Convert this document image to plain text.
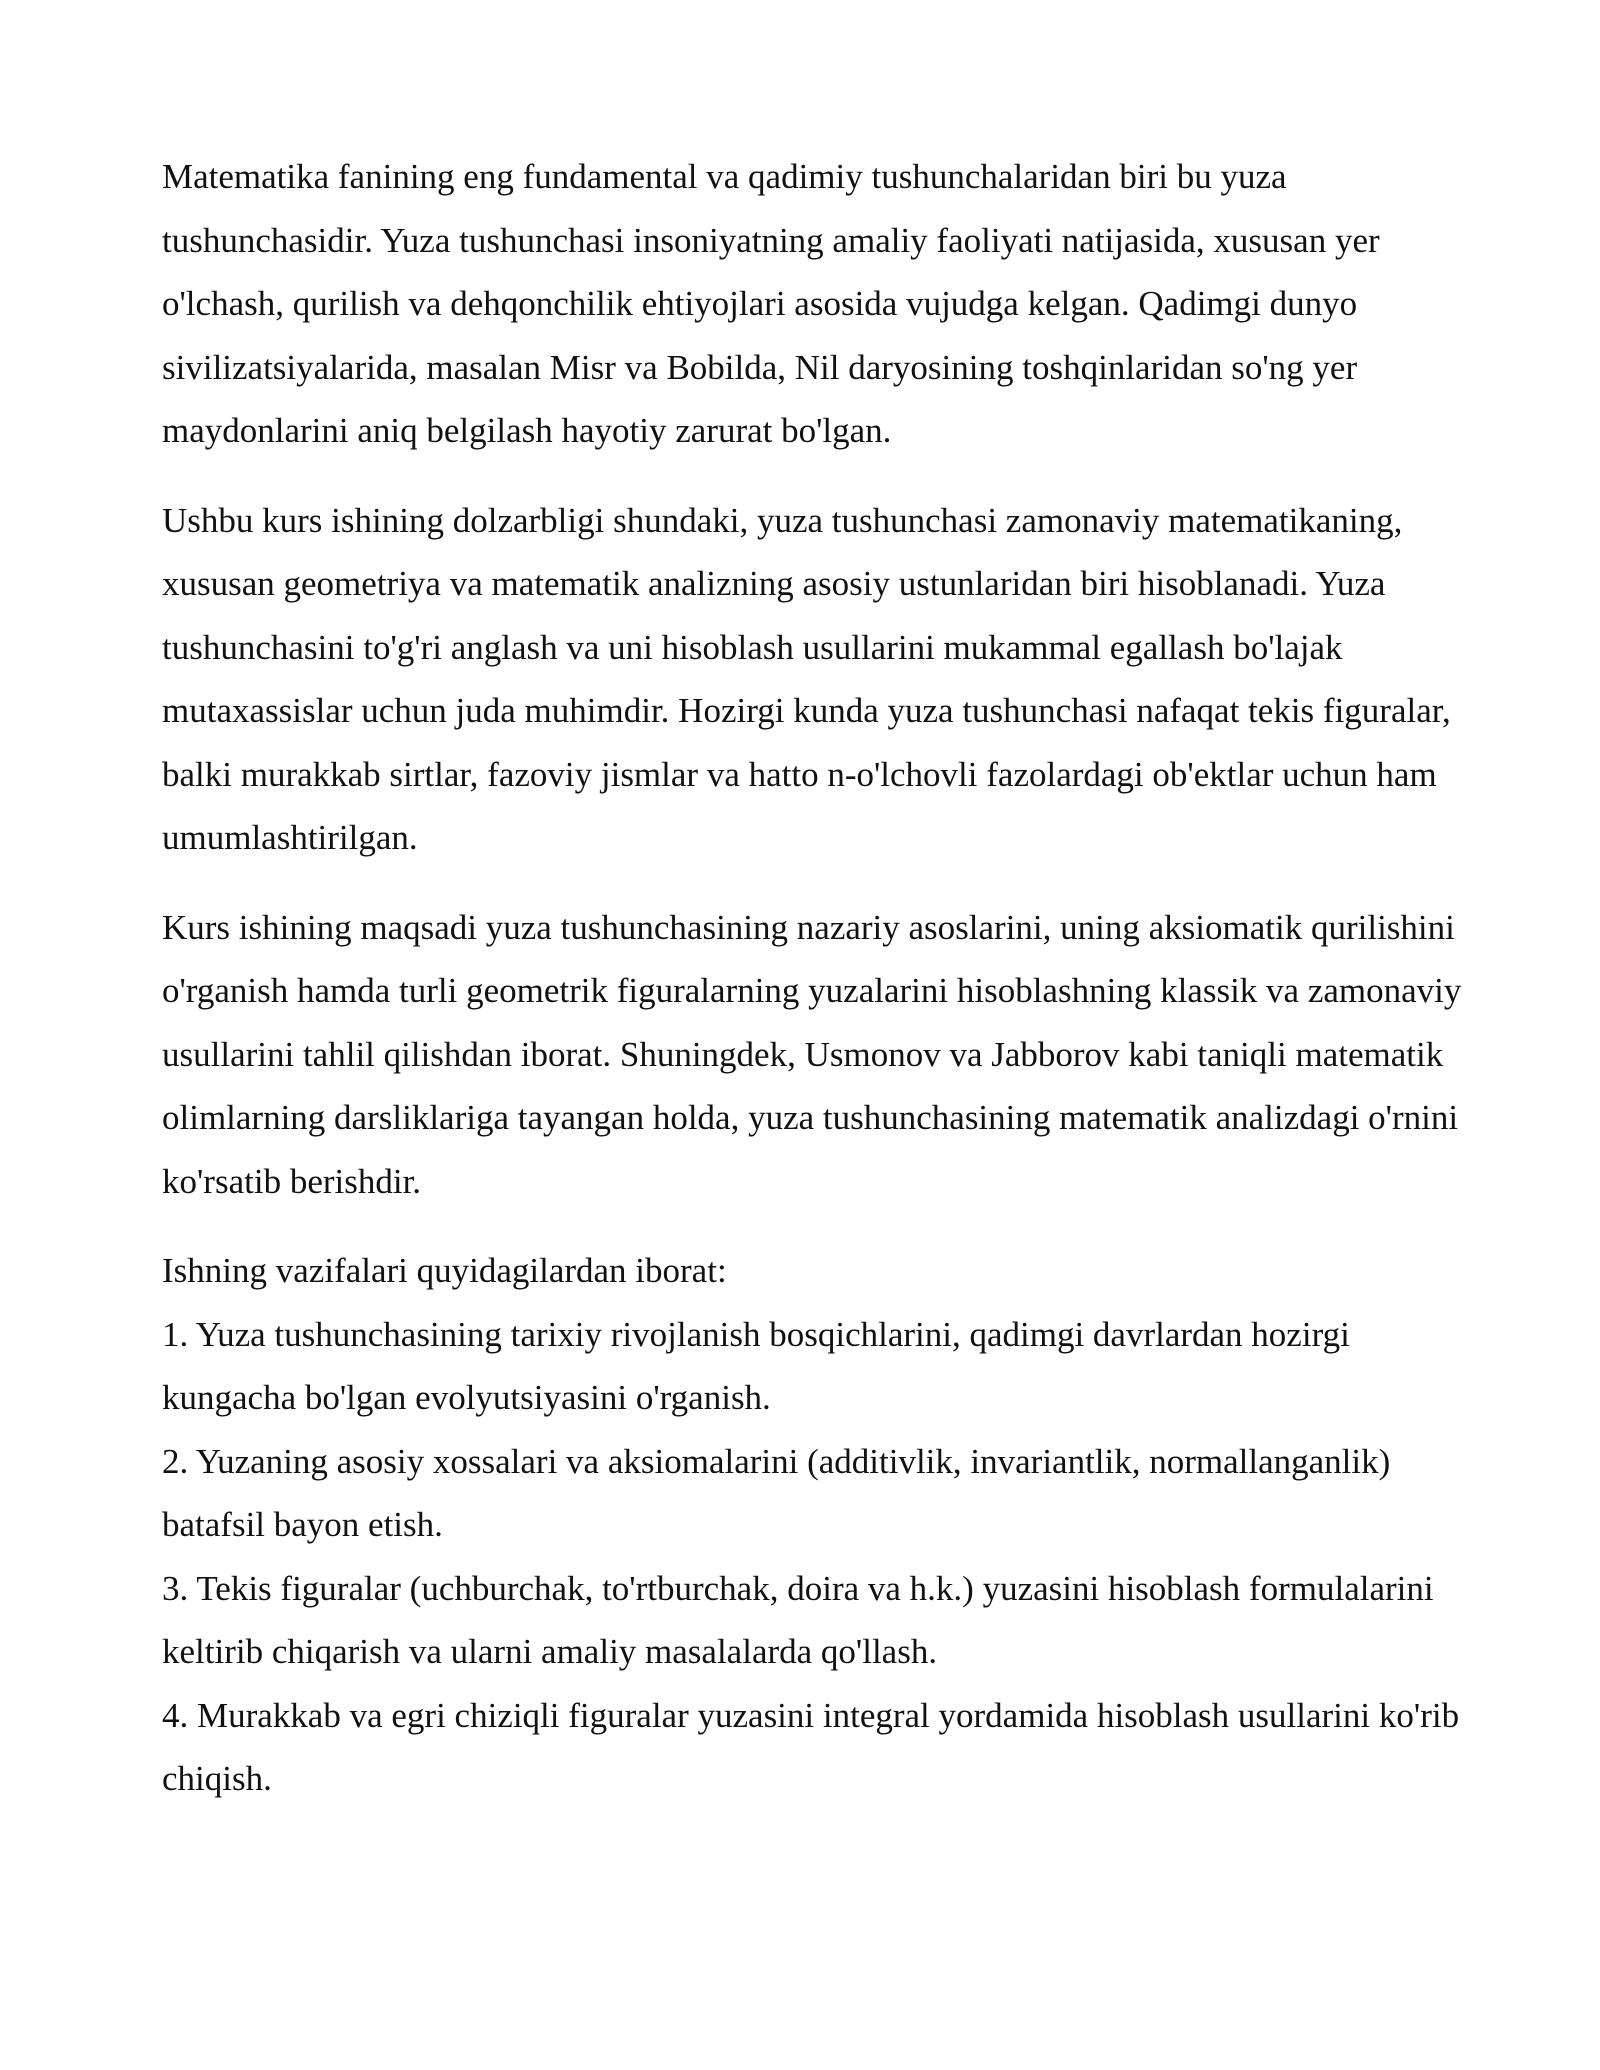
Matematika fanining eng fundamental va qadimiy tushunchalaridan biri bu yuza tushunchasidir. Yuza tushunchasi insoniyatning amaliy faoliyati natijasida, xususan yer o'lchash, qurilish va dehqonchilik ehtiyojlari asosida vujudga kelgan. Qadimgi dunyo sivilizatsiyalarida, masalan Misr va Bobilda, Nil daryosining toshqinlaridan so'ng yer maydonlarini aniq belgilash hayotiy zarurat bo'lgan.

Ushbu kurs ishining dolzarbligi shundaki, yuza tushunchasi zamonaviy matematikaning, xususan geometriya va matematik analizning asosiy ustunlaridan biri hisoblanadi. Yuza tushunchasini to'g'ri anglash va uni hisoblash usullarini mukammal egallash bo'lajak mutaxassislar uchun juda muhimdir. Hozirgi kunda yuza tushunchasi nafaqat tekis figuralar, balki murakkab sirtlar, fazoviy jismlar va hatto n-o'lchovli fazolardagi ob'ektlar uchun ham umumlashtirilgan.

Kurs ishining maqsadi yuza tushunchasining nazariy asoslarini, uning aksiomatik qurilishini o'rganish hamda turli geometrik figuralarning yuzalarini hisoblashning klassik va zamonaviy usullarini tahlil qilishdan iborat. Shuningdek, Usmonov va Jabborov kabi taniqli matematik olimlarning darsliklariga tayangan holda, yuza tushunchasining matematik analizdagi o'rnini ko'rsatib berishdir.

Ishning vazifalari quyidagilardan iborat:

1. Yuza tushunchasining tarixiy rivojlanish bosqichlarini, qadimgi davrlardan hozirgi kungacha bo'lgan evolyutsiyasini o'rganish.
2. Yuzaning asosiy xossalari va aksiomalarini (additivlik, invariantlik, normallanganlik) batafsil bayon etish.
3. Tekis figuralar (uchburchak, to'rtburchak, doira va h.k.) yuzasini hisoblash formulalarini keltirib chiqarish va ularni amaliy masalalarda qo'llash.
4. Murakkab va egri chiziqli figuralar yuzasini integral yordamida hisoblash usullarini ko'rib chiqish.
